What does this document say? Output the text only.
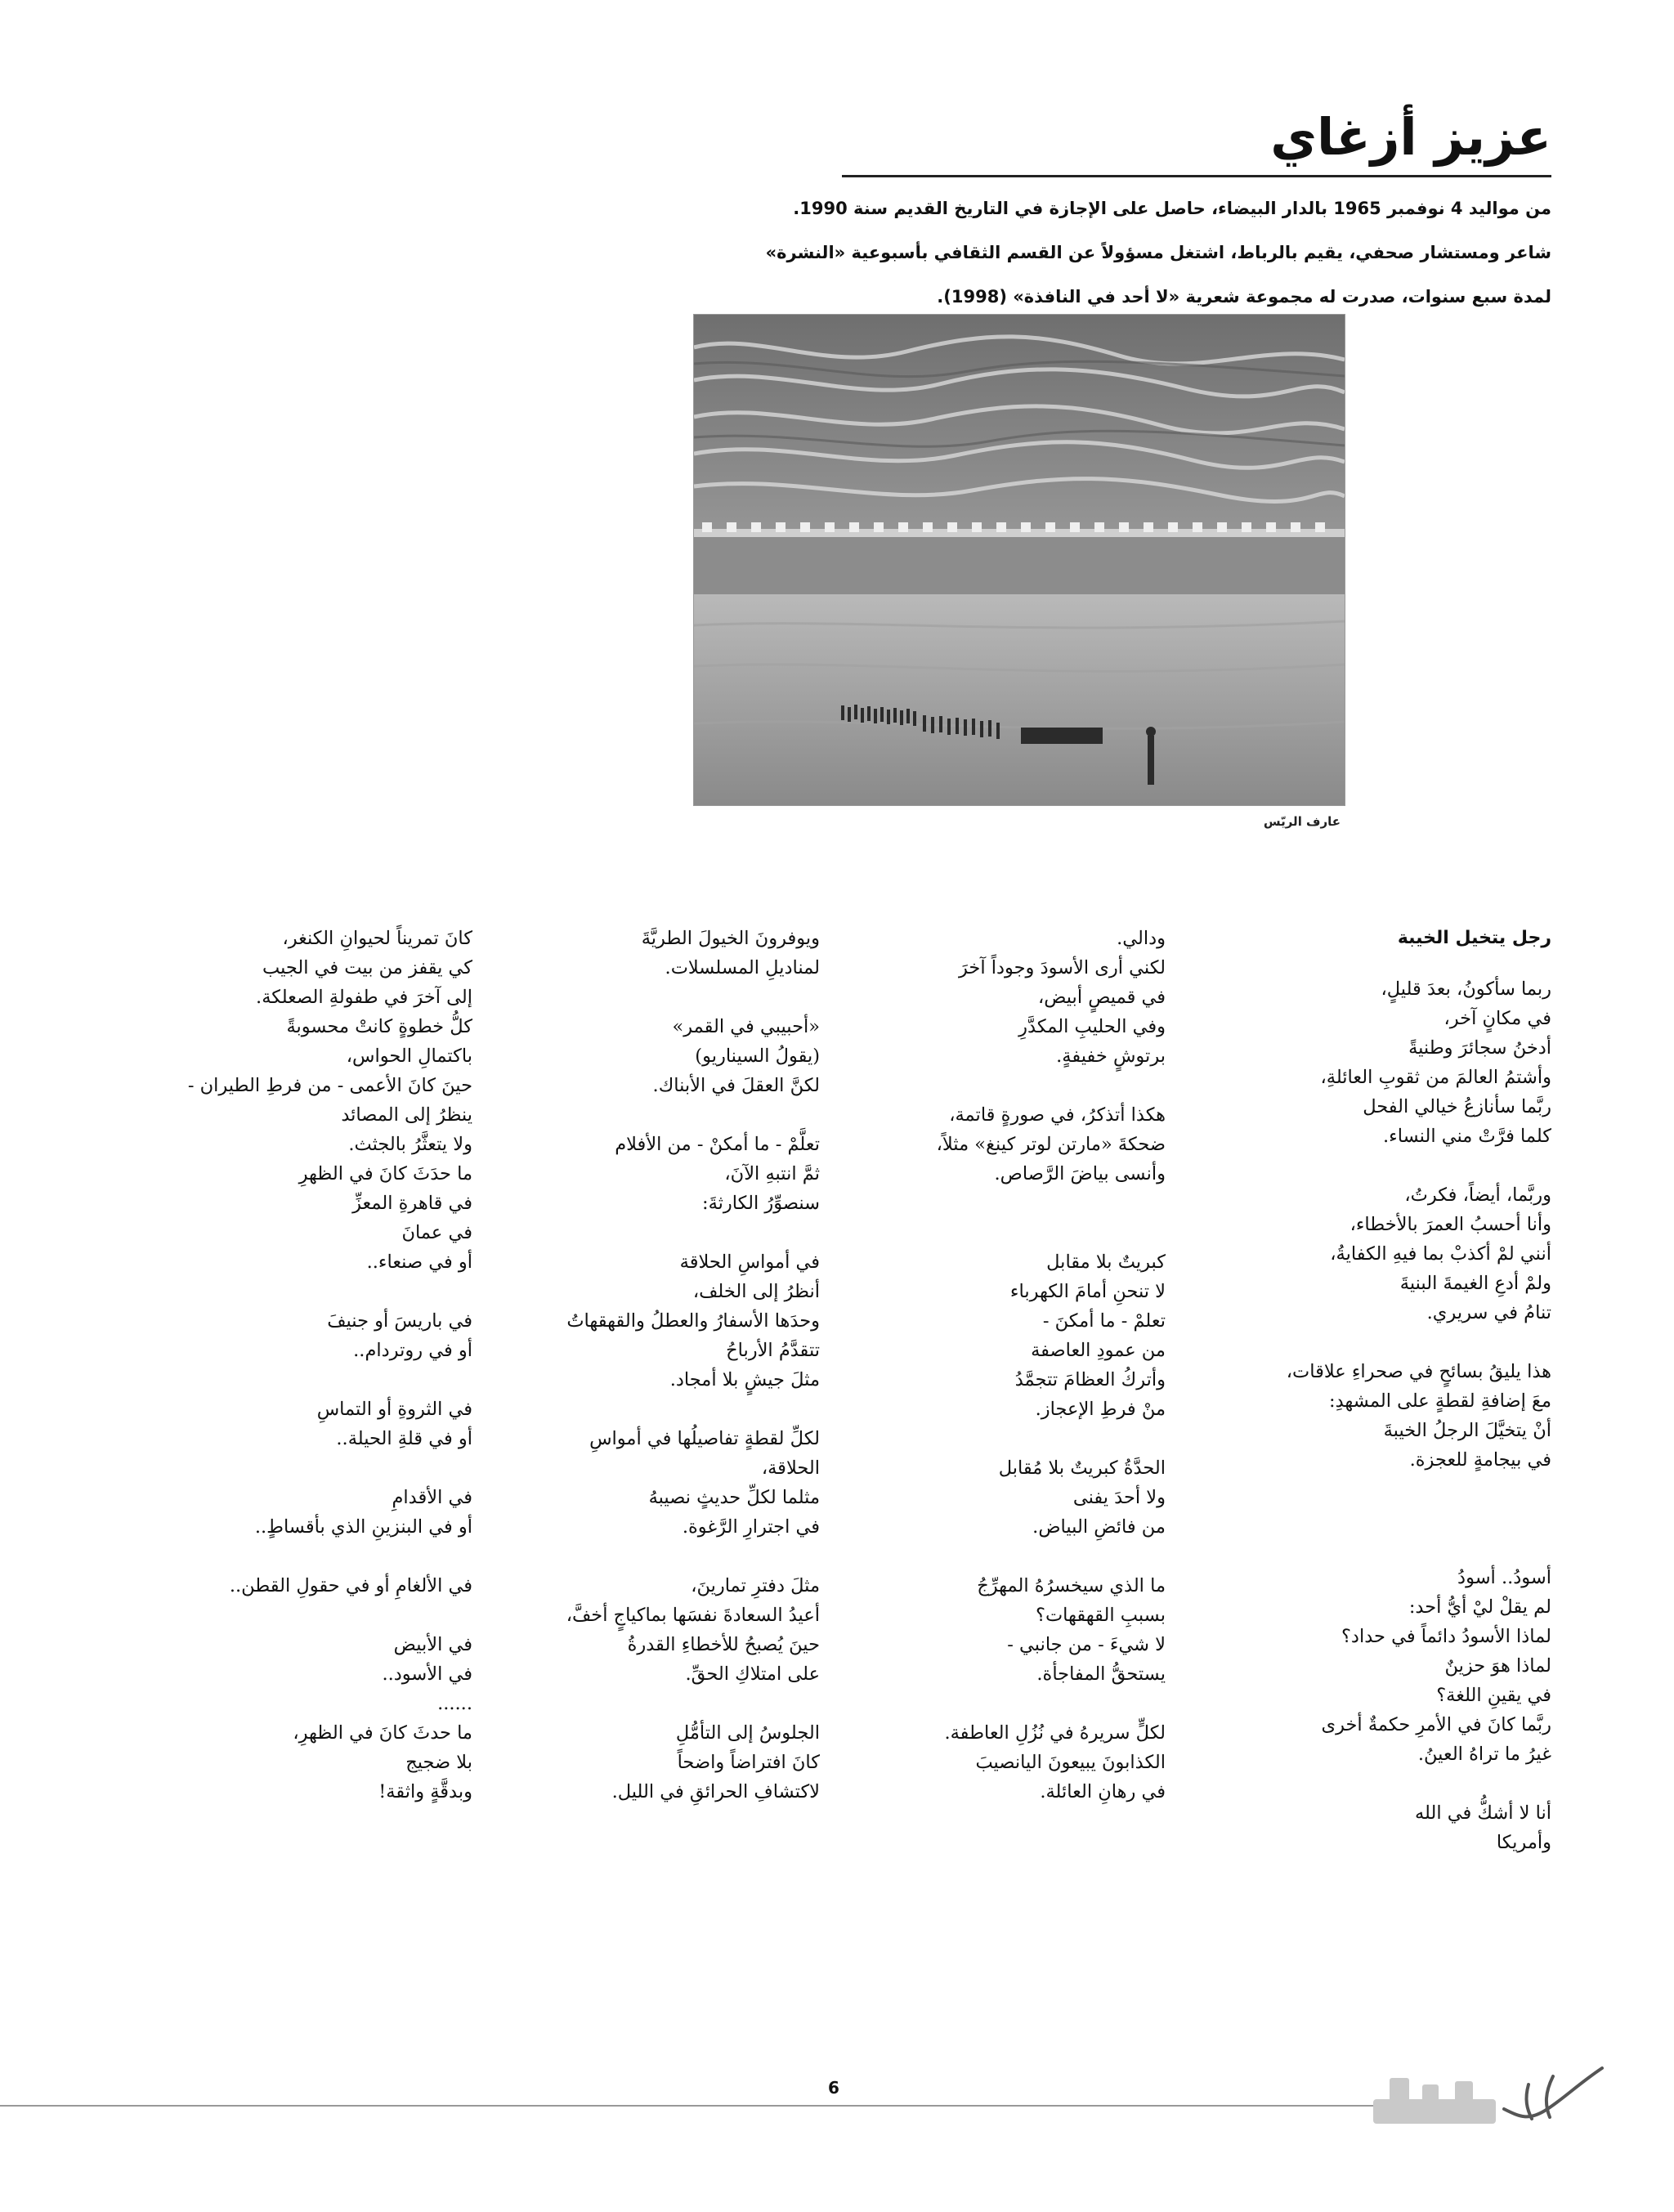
عزيز أزغاي
من مواليد 4 نوفمبر 1965 بالدار البيضاء، حاصل على الإجازة في التاريخ القديم سنة 1990.
شاعر ومستشار صحفي، يقيم بالرباط، اشتغل مسؤولاً عن القسم الثقافي بأسبوعية «النشرة»
لمدة سبع سنوات، صدرت له مجموعة شعرية «لا أحد في النافذة» (1998).
عارف الريّس
رجل يتخيل الخيبة
ربما سأكونُ، بعدَ قليلٍ،
في مكانٍ آخر،
أدخنُ سجائرَ وطنيةً
وأشتمُ العالمَ من ثقوبِ العائلةِ،
ربَّما سأنازعُ خيالي الفحل
كلما فرَّتْ مني النساء.
وربَّما، أيضاً، فكرتُ،
وأنا أحسبُ العمرَ بالأخطاء،
أنني لمْ أكذبْ بما فيهِ الكفايةُ،
ولمْ أدعِ الغيمةَ البنيةَ
تنامُ في سريري.
هذا يليقُ بسائحٍ في صحراءِ علاقات،
معَ إضافةِ لقطةٍ على المشهدِ:
أنْ يتخيَّلَ الرجلُ الخيبةَ
في بيجامةٍ للعجزة.
أسودُ.. أسودُ
لم يقلْ ليْ أيُّ أحد:
لماذا الأسودُ دائماً في حداد؟
لماذا هوَ حزينٌ
في يقينِ اللغة؟
ربَّما كانَ في الأمرِ حكمةٌ أخرى
غيرُ ما تراهُ العينُ.
أنا لا أشكُّ في الله
وأمريكا
ودالي.
لكني أرى الأسودَ وجوداً آخرَ
في قميصٍ أبيض،
وفي الحليبِ المكدَّرِ
برتوشٍ خفيفةٍ.
هكذا أتذكرُ، في صورةٍ قاتمة،
ضحكةَ «مارتن لوتر كينغ» مثلاً،
وأنسى بياضَ الرَّصاص.
كبريتٌ بلا مقابل
لا تنحنِ أمامَ الكهرباء
تعلمْ - ما أمكنَ -
من عمودِ العاصفة
وأتركُ العظامَ تتجمَّدُ
منْ فرطِ الإعجاز.
الحدَّةُ كبريتٌ بلا مُقابل
ولا أحدَ يفنى
من فائضِ البياض.
ما الذي سيخسرُهُ المهرِّجُ
بسببِ القهقهات؟
لا شيءَ - من جانبي -
يستحقُّ المفاجأة.
لكلٍّ سريرهُ في نُزُلِ العاطفة.
الكذابونَ يبيعونَ اليانصيبَ
في رهانِ العائلة.
ويوفرونَ الخيولَ الطريَّةَ
لمناديلِ المسلسلات.
«أحبيبي في القمر»
(يقولُ السيناريو)
لكنَّ العقلَ في الأبناك.
تعلَّمْ - ما أمكنْ - من الأفلام
ثمَّ انتبهِ الآنَ،
سنصوِّرُ الكارثةَ:
في أمواسِ الحلاقة
أنظرُ إلى الخلف،
وحدَها الأسفارُ والعطلُ والقهقهاتُ
تتقدَّمُ الأرباحُ
مثلَ جيشٍ بلا أمجاد.
لكلِّ لقطةٍ تفاصيلُها في أمواسِ
الحلاقة،
مثلما لكلِّ حديثٍ نصيبهُ
في اجترارِ الرَّغوة.
مثلَ دفترِ تمارينَ،
أعيدُ السعادةَ نفسَها بماكياجٍ أخفَّ،
حينَ يُصبحُ للأخطاءِ القدرةُ
على امتلاكِ الحقِّ.
الجلوسُ إلى التأمُّلِ
كانَ افتراضاً واضحاً
لاكتشافِ الحرائقِ في الليل.
كانَ تمريناً لحيوانِ الكنغر،
كي يقفز من بيت في الجيب
إلى آخرَ في طفولةِ الصعلكة.
كلُّ خطوةٍ كانتْ محسوبةً
باكتمالِ الحواس،
حينَ كانَ الأعمى - من فرطِ الطيران -
ينظرُ إلى المصائد
ولا يتعثَّرُ بالجثث.
ما حدَثَ كانَ في الظهرِ
في قاهرةِ المعزِّ
في عمانَ
أو في صنعاء..
في باريسَ أو جنيفَ
أو في روتردام..
في الثروةِ أو التماسِ
أو في قلةِ الحيلة..
في الأقدامِ
أو في البنزينِ الذي بأقساطٍ..
في الألغامِ أو في حقولِ القطن..
في الأبيض
في الأسود..
......
ما حدثَ كانَ في الظهرِ،
بلا ضجيج
وبدقَّةٍ واثقة!
6
